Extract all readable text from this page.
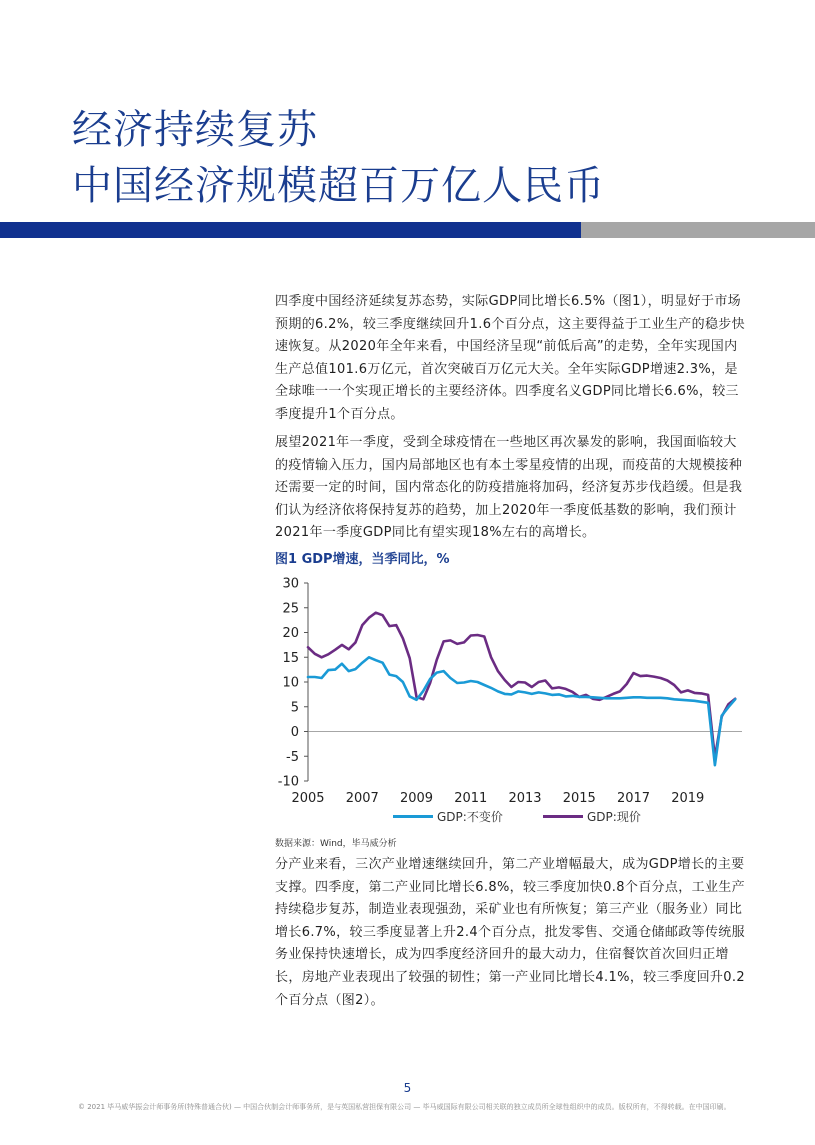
经济持续复苏
中国经济规模超百万亿人民币

四季度中国经济延续复苏态势，实际GDP同比增长6.5%（图1），明显好于市场预期的6.2%，较三季度继续回升1.6个百分点，这主要得益于工业生产的稳步快速恢复。从2020年全年来看，中国经济呈现“前低后高”的走势，全年实现国内生产总值101.6万亿元，首次突破百万亿元大关。全年实际GDP增速2.3%，是全球唯一一个实现正增长的主要经济体。四季度名义GDP同比增长6.6%，较三季度提升1个百分点。

展望2021年一季度，受到全球疫情在一些地区再次暴发的影响，我国面临较大的疫情输入压力，国内局部地区也有本土零星疫情的出现，而疫苗的大规模接种还需要一定的时间，国内常态化的防疫措施将加码，经济复苏步伐趋缓。但是我们认为经济依将保持复苏的趋势，加上2020年一季度低基数的影响，我们预计2021年一季度GDP同比有望实现18%左右的高增长。

图1 GDP增速，当季同比，%

30
25
20
15
10
5
0
-5
-10
2005 2007 2009 2011 2013 2015 2017 2019
GDP:不变价	GDP:现价
数据来源：Wind，毕马威分析

分产业来看，三次产业增速继续回升，第二产业增幅最大，成为GDP增长的主要支撑。四季度，第二产业同比增长6.8%，较三季度加快0.8个百分点，工业生产持续稳步复苏，制造业表现强劲，采矿业也有所恢复；第三产业（服务业）同比增长6.7%，较三季度显著上升2.4个百分点，批发零售、交通仓储邮政等传统服务业保持快速增长，成为四季度经济回升的最大动力，住宿餐饮首次回归正增长，房地产业表现出了较强的韧性；第一产业同比增长4.1%，较三季度回升0.2个百分点（图2）。

5

© 2021 毕马威华振会计师事务所(特殊普通合伙) — 中国合伙制会计师事务所，是与英国私营担保有限公司 — 毕马威国际有限公司相关联的独立成员所全球性组织中的成员。版权所有，不得转载。在中国印刷。
